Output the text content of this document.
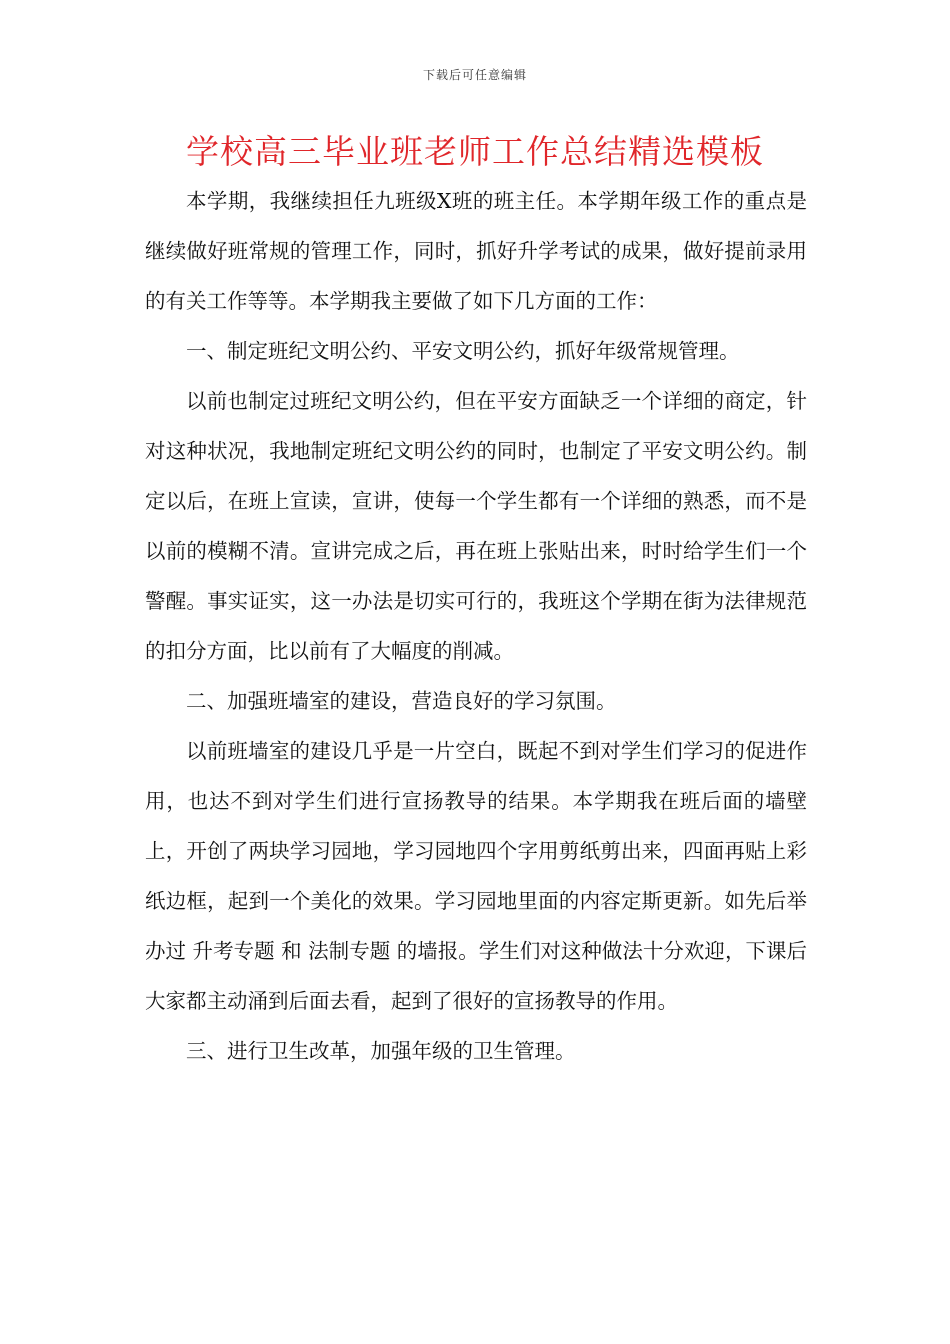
下载后可任意编辑
学校高三毕业班老师工作总结精选模板

本学期，我继续担任九班级X班的班主任。本学期年级工作的重点是继续做好班常规的管理工作，同时，抓好升学考试的成果，做好提前录用的有关工作等等。本学期我主要做了如下几方面的工作：

一、制定班纪文明公约、平安文明公约，抓好年级常规管理。

以前也制定过班纪文明公约，但在平安方面缺乏一个详细的商定，针对这种状况，我地制定班纪文明公约的同时，也制定了平安文明公约。制定以后，在班上宣读，宣讲，使每一个学生都有一个详细的熟悉，而不是以前的模糊不清。宣讲完成之后，再在班上张贴出来，时时给学生们一个警醒。事实证实，这一办法是切实可行的，我班这个学期在街为法律规范的扣分方面，比以前有了大幅度的削减。

二、加强班墙室的建设，营造良好的学习氛围。

以前班墙室的建设几乎是一片空白，既起不到对学生们学习的促进作用，也达不到对学生们进行宣扬教导的结果。本学期我在班后面的墙壁上，开创了两块学习园地，学习园地四个字用剪纸剪出来，四面再贴上彩纸边框，起到一个美化的效果。学习园地里面的内容定斯更新。如先后举办过 升考专题 和 法制专题 的墙报。学生们对这种做法十分欢迎，下课后大家都主动涌到后面去看，起到了很好的宣扬教导的作用。

三、进行卫生改革，加强年级的卫生管理。
